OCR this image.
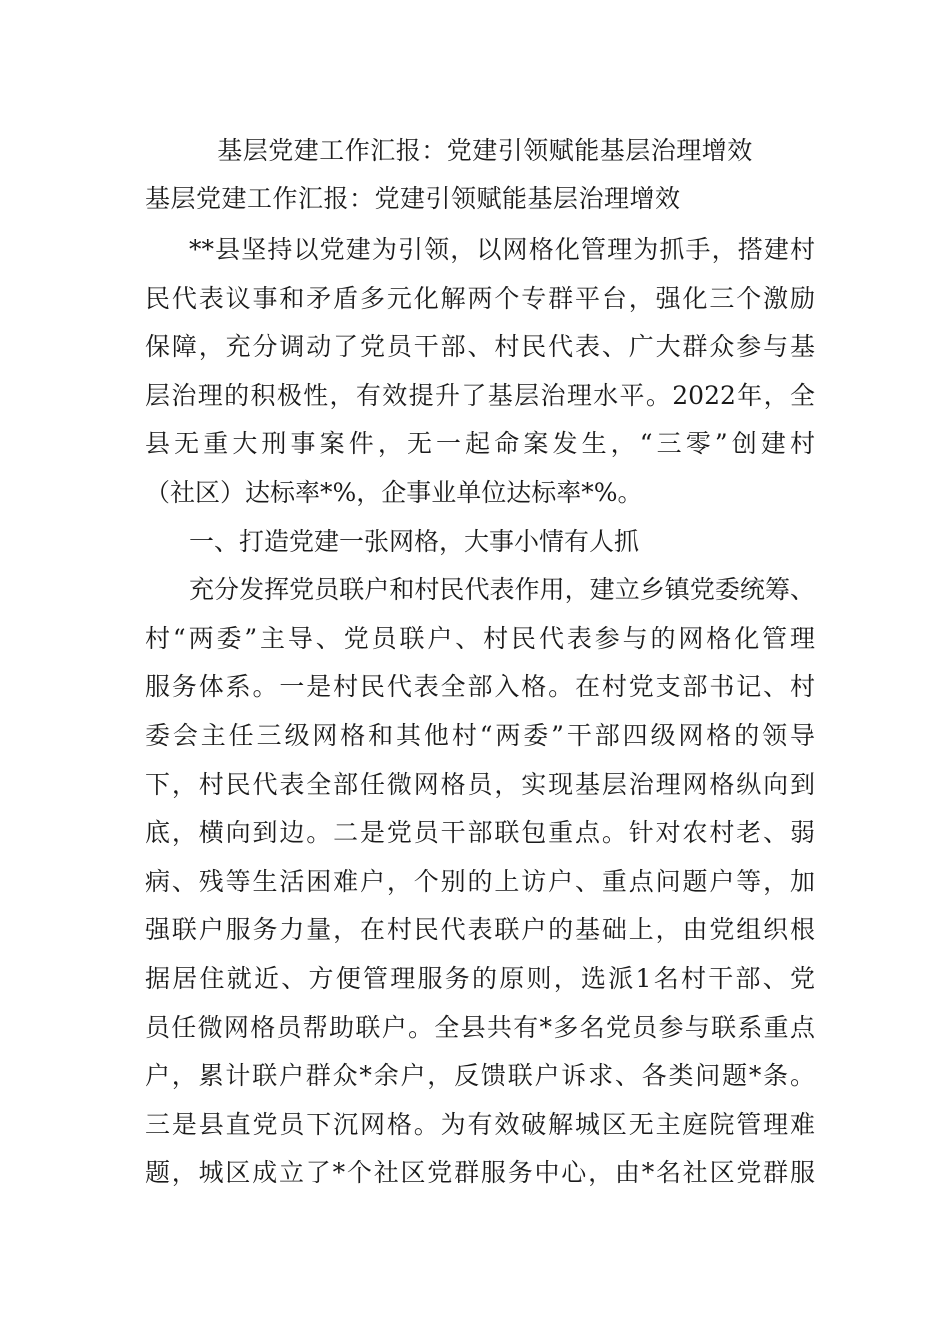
基层党建工作汇报：党建引领赋能基层治理增效
基层党建工作汇报：党建引领赋能基层治理增效
**县坚持以党建为引领，以网格化管理为抓手，搭建村
民代表议事和矛盾多元化解两个专群平台，强化三个激励
保障，充分调动了党员干部、村民代表、广大群众参与基
层治理的积极性，有效提升了基层治理水平。2022年，全
县无重大刑事案件，无一起命案发生，“三零”创建村
（社区）达标率*%，企事业单位达标率*%。
一、打造党建一张网格，大事小情有人抓
充分发挥党员联户和村民代表作用，建立乡镇党委统筹、
村“两委”主导、党员联户、村民代表参与的网格化管理
服务体系。一是村民代表全部入格。在村党支部书记、村
委会主任三级网格和其他村“两委”干部四级网格的领导
下，村民代表全部任微网格员，实现基层治理网格纵向到
底，横向到边。二是党员干部联包重点。针对农村老、弱
病、残等生活困难户，个别的上访户、重点问题户等，加
强联户服务力量，在村民代表联户的基础上，由党组织根
据居住就近、方便管理服务的原则，选派1名村干部、党
员任微网格员帮助联户。全县共有*多名党员参与联系重点
户，累计联户群众*余户，反馈联户诉求、各类问题*条。
三是县直党员下沉网格。为有效破解城区无主庭院管理难
题，城区成立了*个社区党群服务中心，由*名社区党群服
